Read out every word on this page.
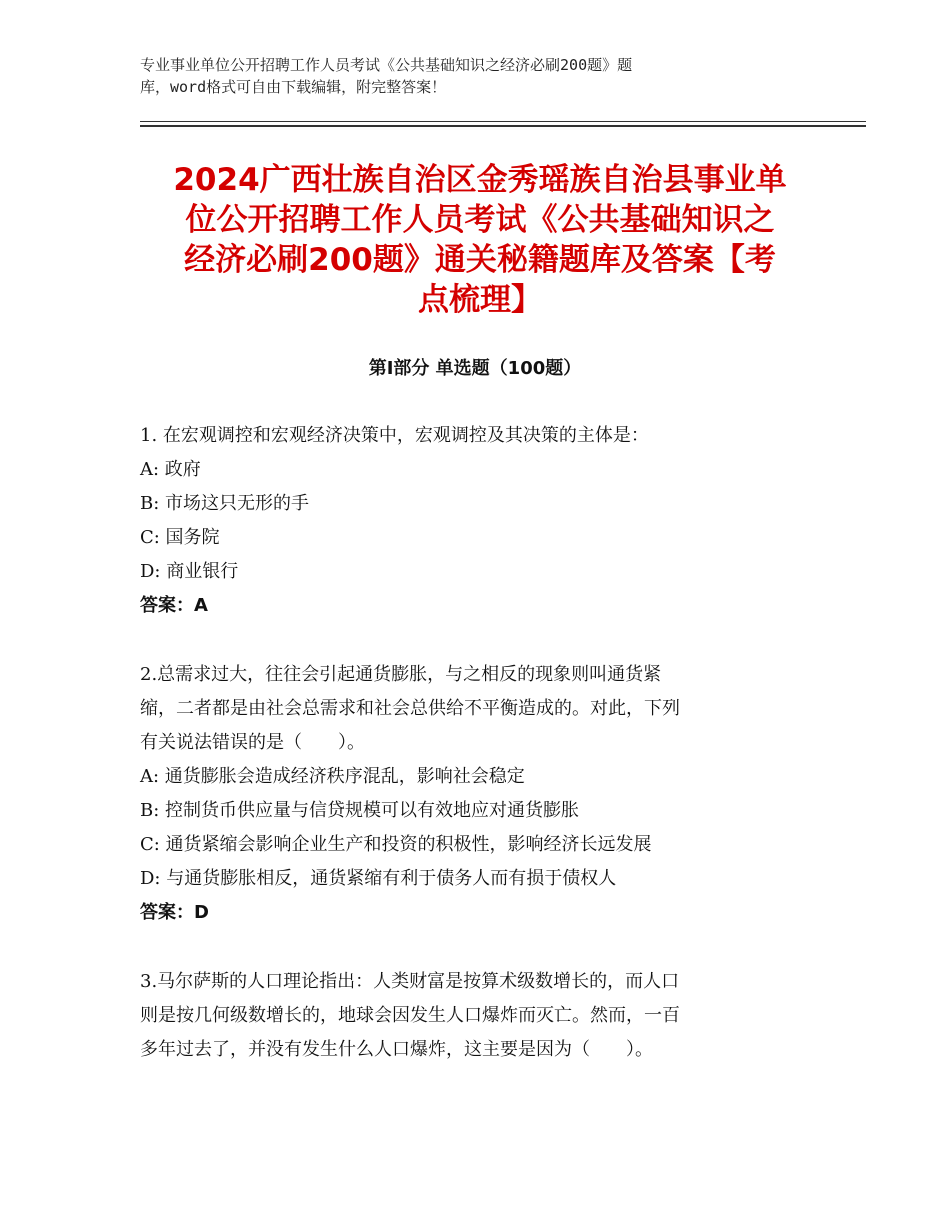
专业事业单位公开招聘工作人员考试《公共基础知识之经济必刷200题》题
库，word格式可自由下载编辑，附完整答案！
2024广西壮族自治区金秀瑶族自治县事业单
位公开招聘工作人员考试《公共基础知识之
经济必刷200题》通关秘籍题库及答案【考
点梳理】
第Ⅰ部分 单选题（100题）
1. 在宏观调控和宏观经济决策中，宏观调控及其决策的主体是：
A: 政府
B: 市场这只无形的手
C: 国务院
D: 商业银行
答案：A
2.总需求过大，往往会引起通货膨胀，与之相反的现象则叫通货紧
缩，二者都是由社会总需求和社会总供给不平衡造成的。对此，下列
有关说法错误的是（　　）。
A: 通货膨胀会造成经济秩序混乱，影响社会稳定
B: 控制货币供应量与信贷规模可以有效地应对通货膨胀
C: 通货紧缩会影响企业生产和投资的积极性，影响经济长远发展
D: 与通货膨胀相反，通货紧缩有利于债务人而有损于债权人
答案：D
3.马尔萨斯的人口理论指出：人类财富是按算术级数增长的，而人口
则是按几何级数增长的，地球会因发生人口爆炸而灭亡。然而，一百
多年过去了，并没有发生什么人口爆炸，这主要是因为（　　）。
